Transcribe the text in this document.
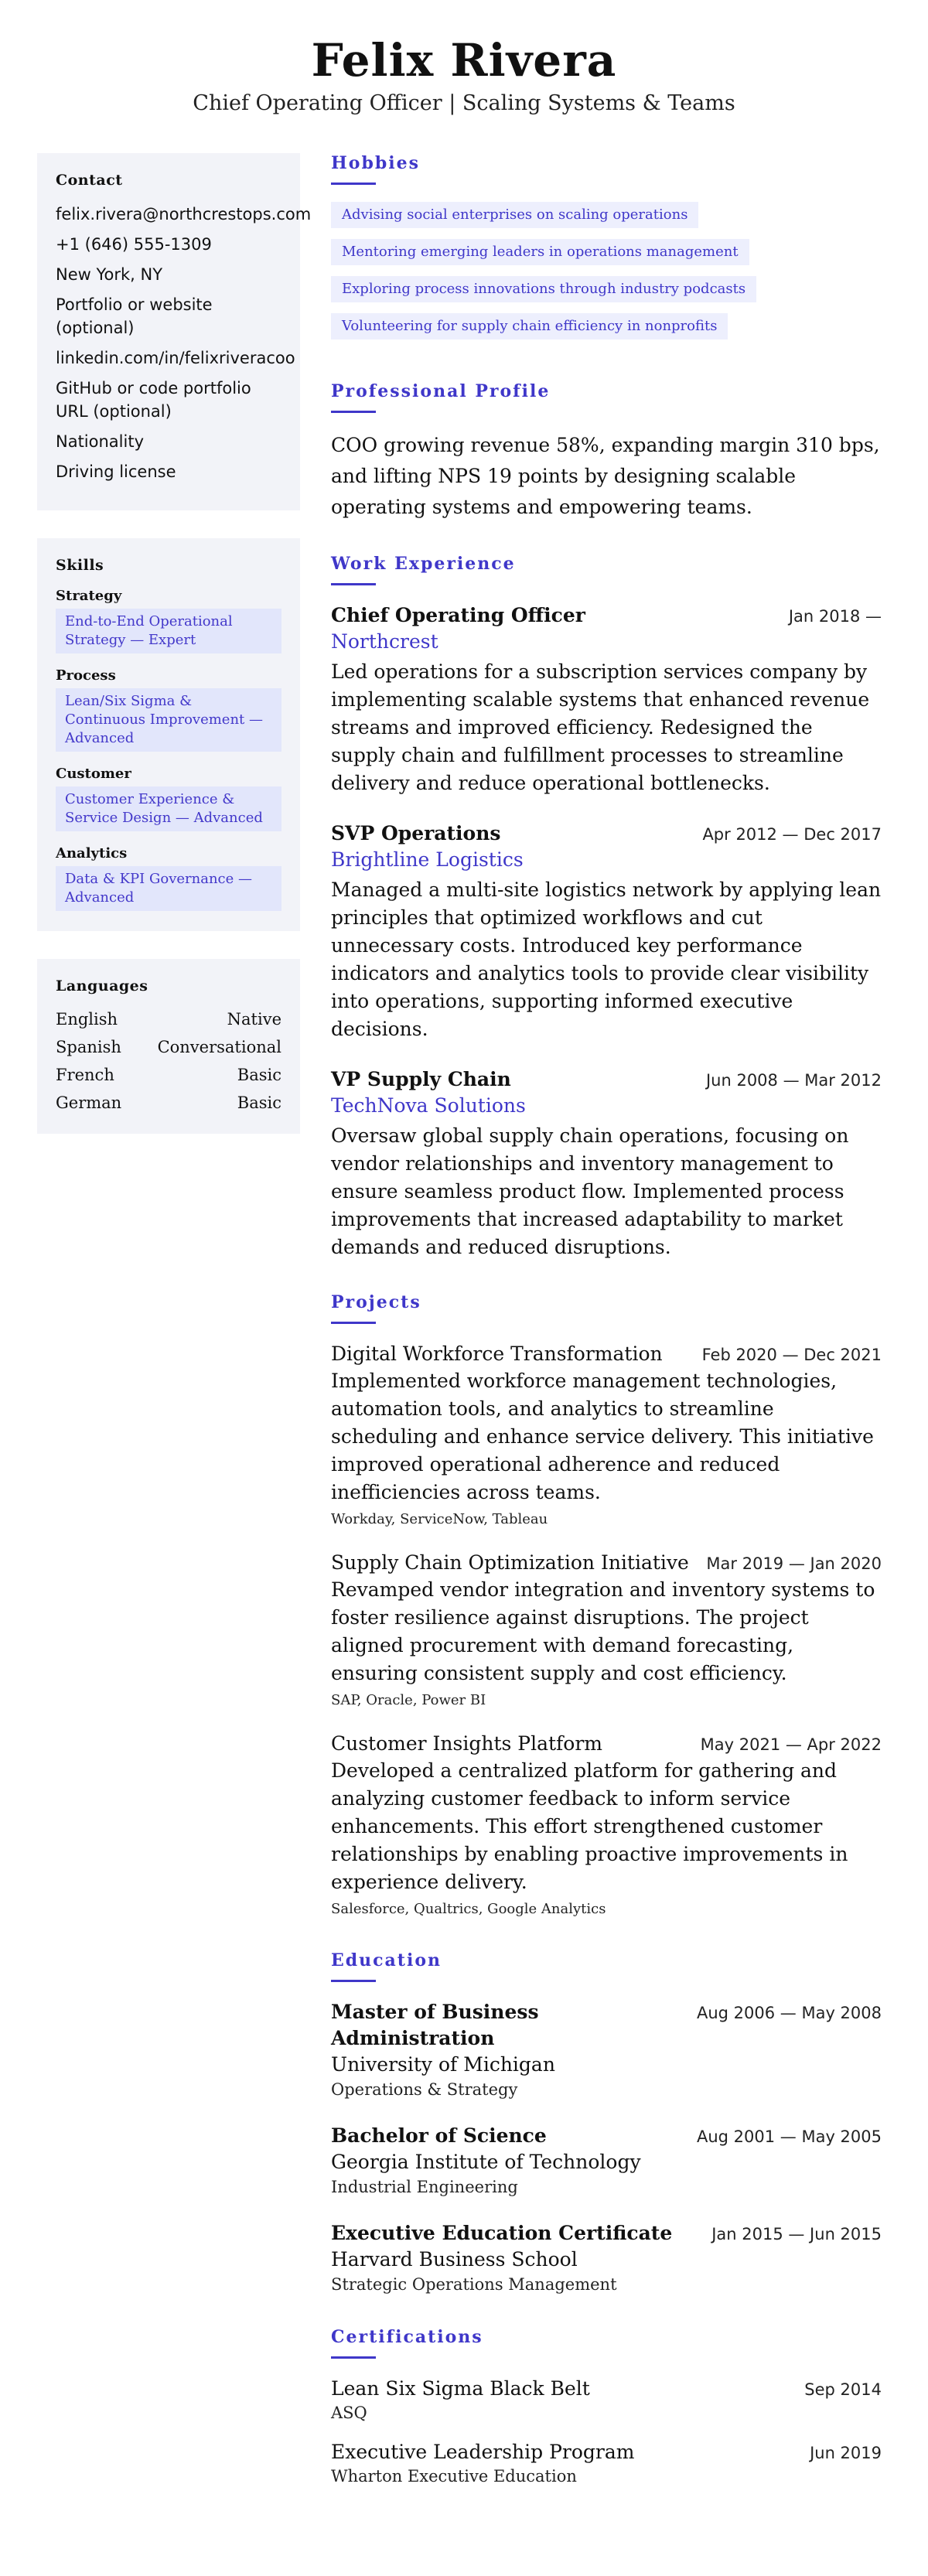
Felix Rivera
Chief Operating Officer | Scaling Systems & Teams
Contact
felix.rivera@northcrestops.com
+1 (646) 555-1309
New York, NY
Portfolio or website (optional)
linkedin.com/in/felixriveracoo
GitHub or code portfolio URL (optional)
Nationality
Driving license
Skills
Strategy
End-to-End Operational Strategy — Expert
Process
Lean/Six Sigma & Continuous Improvement — Advanced
Customer
Customer Experience & Service Design — Advanced
Analytics
Data & KPI Governance — Advanced
Languages
English	Native
Spanish Conversational
French	Basic
German	Basic
Hobbies
Advising social enterprises on scaling operations
Mentoring emerging leaders in operations management
Exploring process innovations through industry podcasts
Volunteering for supply chain efficiency in nonprofits
Professional Profile
COO growing revenue 58%, expanding margin 310 bps, and lifting NPS 19 points by designing scalable operating systems and empowering teams.
Work Experience
Chief Operating Officer	Jan 2018 —
Northcrest
Led operations for a subscription services company by implementing scalable systems that enhanced revenue streams and improved efficiency. Redesigned the supply chain and fulfillment processes to streamline delivery and reduce operational bottlenecks.
SVP Operations	Apr 2012 — Dec 2017
Brightline Logistics
Managed a multi-site logistics network by applying lean principles that optimized workflows and cut unnecessary costs. Introduced key performance indicators and analytics tools to provide clear visibility into operations, supporting informed executive decisions.
VP Supply Chain	Jun 2008 — Mar 2012
TechNova Solutions
Oversaw global supply chain operations, focusing on vendor relationships and inventory management to ensure seamless product flow. Implemented process improvements that increased adaptability to market demands and reduced disruptions.
Projects
Digital Workforce Transformation Feb 2020 — Dec 2021
Implemented workforce management technologies, automation tools, and analytics to streamline scheduling and enhance service delivery. This initiative improved operational adherence and reduced inefficiencies across teams.
Workday, ServiceNow, Tableau
Supply Chain Optimization Initiative Mar 2019 — Jan 2020
Revamped vendor integration and inventory systems to foster resilience against disruptions. The project aligned procurement with demand forecasting, ensuring consistent supply and cost efficiency.
SAP, Oracle, Power BI
Customer Insights Platform	May 2021 — Apr 2022
Developed a centralized platform for gathering and analyzing customer feedback to inform service enhancements. This effort strengthened customer relationships by enabling proactive improvements in experience delivery.
Salesforce, Qualtrics, Google Analytics
Education
Master of Business Administration
Aug 2006 — May 2008
University of Michigan
Operations & Strategy
Bachelor of Science	Aug 2001 — May 2005
Georgia Institute of Technology
Industrial Engineering
Executive Education Certificate Jan 2015 — Jun 2015
Harvard Business School
Strategic Operations Management
Certifications
Lean Six Sigma Black Belt	Sep 2014
ASQ
Executive Leadership Program	Jun 2019
Wharton Executive Education
